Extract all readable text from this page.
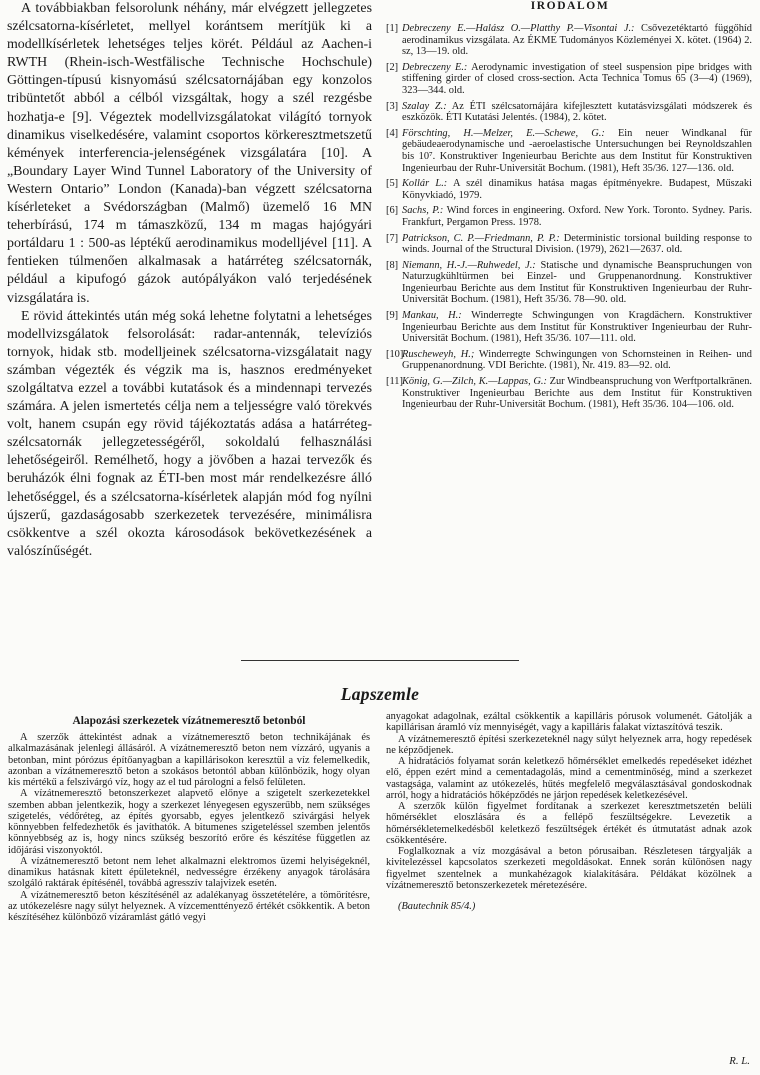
A továbbiakban felsorolunk néhány, már elvégzett jellegzetes szélcsatorna-kísérletet, mellyel korántsem merítjük ki a modellkísérletek lehetséges teljes körét. Például az Aachen-i RWTH (Rhein-isch-Westfälische Technische Hochschule) Göttingen-típusú kisnyomású szélcsatornájában egy konzolos tribüntetőt abból a célból vizsgáltak, hogy a szél rezgésbe hozhatja-e [9]. Végeztek modellvizsgálatokat világító tornyok dinamikus viselkedésére, valamint csoportos körkeresztmetszetű kémények interferencia-jelenségének vizsgálatára [10]. A „Boundary Layer Wind Tunnel Laboratory of the University of Western Ontario” London (Kanada)-ban végzett szélcsatorna kísérleteket a Svédországban (Malmő) üzemelő 16 MN teherbírású, 174 m támaszközű, 134 m magas hajógyári portáldaru 1 : 500-as léptékű aerodinamikus modelljével [11]. A fentieken túlmenően alkalmasak a határréteg szélcsatornák, például a kipufogó gázok autópályákon való terjedésének vizsgálatára is.

E rövid áttekintés után még soká lehetne folytatni a lehetséges modellvizsgálatok felsorolását: radar-antennák, televíziós tornyok, hidak stb. modelljeinek szélcsatorna-vizsgálatait nagy számban végezték és végzik ma is, hasznos eredményeket szolgáltatva ezzel a további kutatások és a mindennapi tervezés számára. A jelen ismertetés célja nem a teljességre való törekvés volt, hanem csupán egy rövid tájékoztatás adása a határréteg-szélcsatornák jellegzetességéről, sokoldalú felhasználási lehetőségeiről. Remélhető, hogy a jövőben a hazai tervezők és beruházók élni fognak az ÉTI-ben most már rendelkezésre álló lehetőséggel, és a szélcsatorna-kísérletek alapján mód fog nyílni újszerű, gazdaságosabb szerkezetek tervezésére, minimálisra csökkentve a szél okozta károsodások bekövetkezésének a valószínűségét.

IRODALOM
[1] Debreczeny E.—Halász O.—Platthy P.—Visontai J.: Csővezetéktartó függőhíd aerodinamikus vizsgálata. Az ÉKME Tudományos Közleményei X. kötet. (1964) 2. sz, 13—19. old.
[2] Debreczeny E.: Aerodynamic investigation of steel suspension pipe bridges with stiffening girder of closed cross-section. Acta Technica Tomus 65 (3—4) (1969), 323—344. old.
[3] Szalay Z.: Az ÉTI szélcsatornájára kifejlesztett kutatásvizsgálati módszerek és eszközök. ÉTI Kutatási Jelentés. (1984), 2. kötet.
[4] Förschting, H.—Melzer, E.—Schewe, G.: Ein neuer Windkanal für gebäudeaerodynamische und -aeroelastische Untersuchungen bei Reynoldszahlen bis 10⁷. Konstruktiver Ingenieurbau Berichte aus dem Institut für Konstruktiven Ingenieurbau der Ruhr-Universität Bochum. (1981), Heft 35/36. 127—136. old.
[5] Kollár L.: A szél dinamikus hatása magas építményekre. Budapest, Műszaki Könyvkiadó, 1979.
[6] Sachs, P.: Wind forces in engineering. Oxford. New York. Toronto. Sydney. Paris. Frankfurt, Pergamon Press. 1978.
[7] Patrickson, C. P.—Friedmann, P. P.: Deterministic torsional building response to winds. Journal of the Structural Division. (1979), 2621—2637. old.
[8] Niemann, H.-J.—Ruhwedel, J.: Statische und dynamische Beanspruchungen von Naturzugkühltürmen bei Einzel- und Gruppenanordnung. Konstruktiver Ingenieurbau Berichte aus dem Institut für Konstruktiven Ingenieurbau der Ruhr-Universität Bochum. (1981), Heft 35/36. 78—90. old.
[9] Mankau, H.: Winderregte Schwingungen von Kragdächern. Konstruktiver Ingenieurbau Berichte aus dem Institut für Konstruktiver Ingenieurbau der Ruhr-Universität Bochum. (1981), Heft 35/36. 107—111. old.
[10]
Ruscheweyh, H.; Winderregte Schwingungen von Schornsteinen in Reihen- und Gruppenanordnung. VDI Berichte. (1981), Nr. 419. 83—92. old.
[11] König, G.—Zilch, K.—Lappas, G.: Zur Windbeanspruchung von Werftportalkränen. Konstruktiver Ingenieurbau Berichte aus dem Institut für Konstruktiven Ingenieurbau der Ruhr-Universität Bochum. (1981), Heft 35/36. 104—106. old.
Lapszemle
Alapozási szerkezetek vízátnemeresztő betonból

A szerzők áttekintést adnak a vízátnemeresztő beton technikájának és alkalmazásának jelenlegi állásáról. A vízátnemeresztő beton nem vízzáró, ugyanis a betonban, mint pórózus építőanyagban a kapillárisokon keresztül a víz felemelkedik, azonban a vízátnemeresztő beton a szokásos betontól abban különbözik, hogy olyan kis mértékű a felszivárgó víz, hogy az el tud párologni a felső felületen.

A vízátnemeresztő betonszerkezet alapvető előnye a szigetelt szerkezetekkel szemben abban jelentkezik, hogy a szerkezet lényegesen egyszerűbb, nem szükséges szigetelés, védőréteg, az építés gyorsabb, egyes jelentkező szivárgási helyek könnyebben felfedezhetők és javíthatók. A bitumenes szigeteléssel szemben jelentős könnyebbség az is, hogy nincs szükség beszorító erőre és készítése független az időjárási viszonyoktól.

A vízátnemeresztő betont nem lehet alkalmazni elektromos üzemi helyiségeknél, dinamikus hatásnak kitett épületeknél, nedvességre érzékeny anyagok tárolására szolgáló raktárak építésénél, továbbá agresszív talajvizek esetén.

A vízátnemeresztő beton készítésénél az adalékanyag összetételére, a tömörítésre, az utókezelésre nagy súlyt helyeznek. A vízcementtényező értékét csökkentik. A beton készítéséhez különböző vízáramlást gátló vegyi

anyagokat adagolnak, ezáltal csökkentik a kapilláris pórusok volumenét. Gátolják a kapillárisan áramló víz mennyiségét, vagy a kapilláris falakat víztaszítóvá teszik.

A vízátnemeresztő építési szerkezeteknél nagy súlyt helyeznek arra, hogy repedések ne képződjenek.

A hidratációs folyamat során keletkező hőmérséklet emelkedés repedéseket idézhet elő, éppen ezért mind a cementadagolás, mind a cementminőség, mind a szerkezet vastagsága, valamint az utókezelés, hűtés megfelelő megválasztásával gondoskodnak arról, hogy a hidratációs hőképződés ne járjon repedések keletkezésével.

A szerzők külön figyelmet fordítanak a szerkezet keresztmetszetén belüli hőmérséklet eloszlására és a fellépő feszültségekre. Levezetik a hőmérsékletemelkedésből keletkező feszültségek értékét és útmutatást adnak azok csökkentésére.

Foglalkoznak a víz mozgásával a beton pórusaiban. Részletesen tárgyalják a kivitelezéssel kapcsolatos szerkezeti megoldásokat. Ennek során különösen nagy figyelmet szentelnek a munkahézagok kialakítására. Példákat közölnek a vízátnemeresztő betonszerkezetek méretezésére.

(Bautechnik 85/4.)
R. L.
